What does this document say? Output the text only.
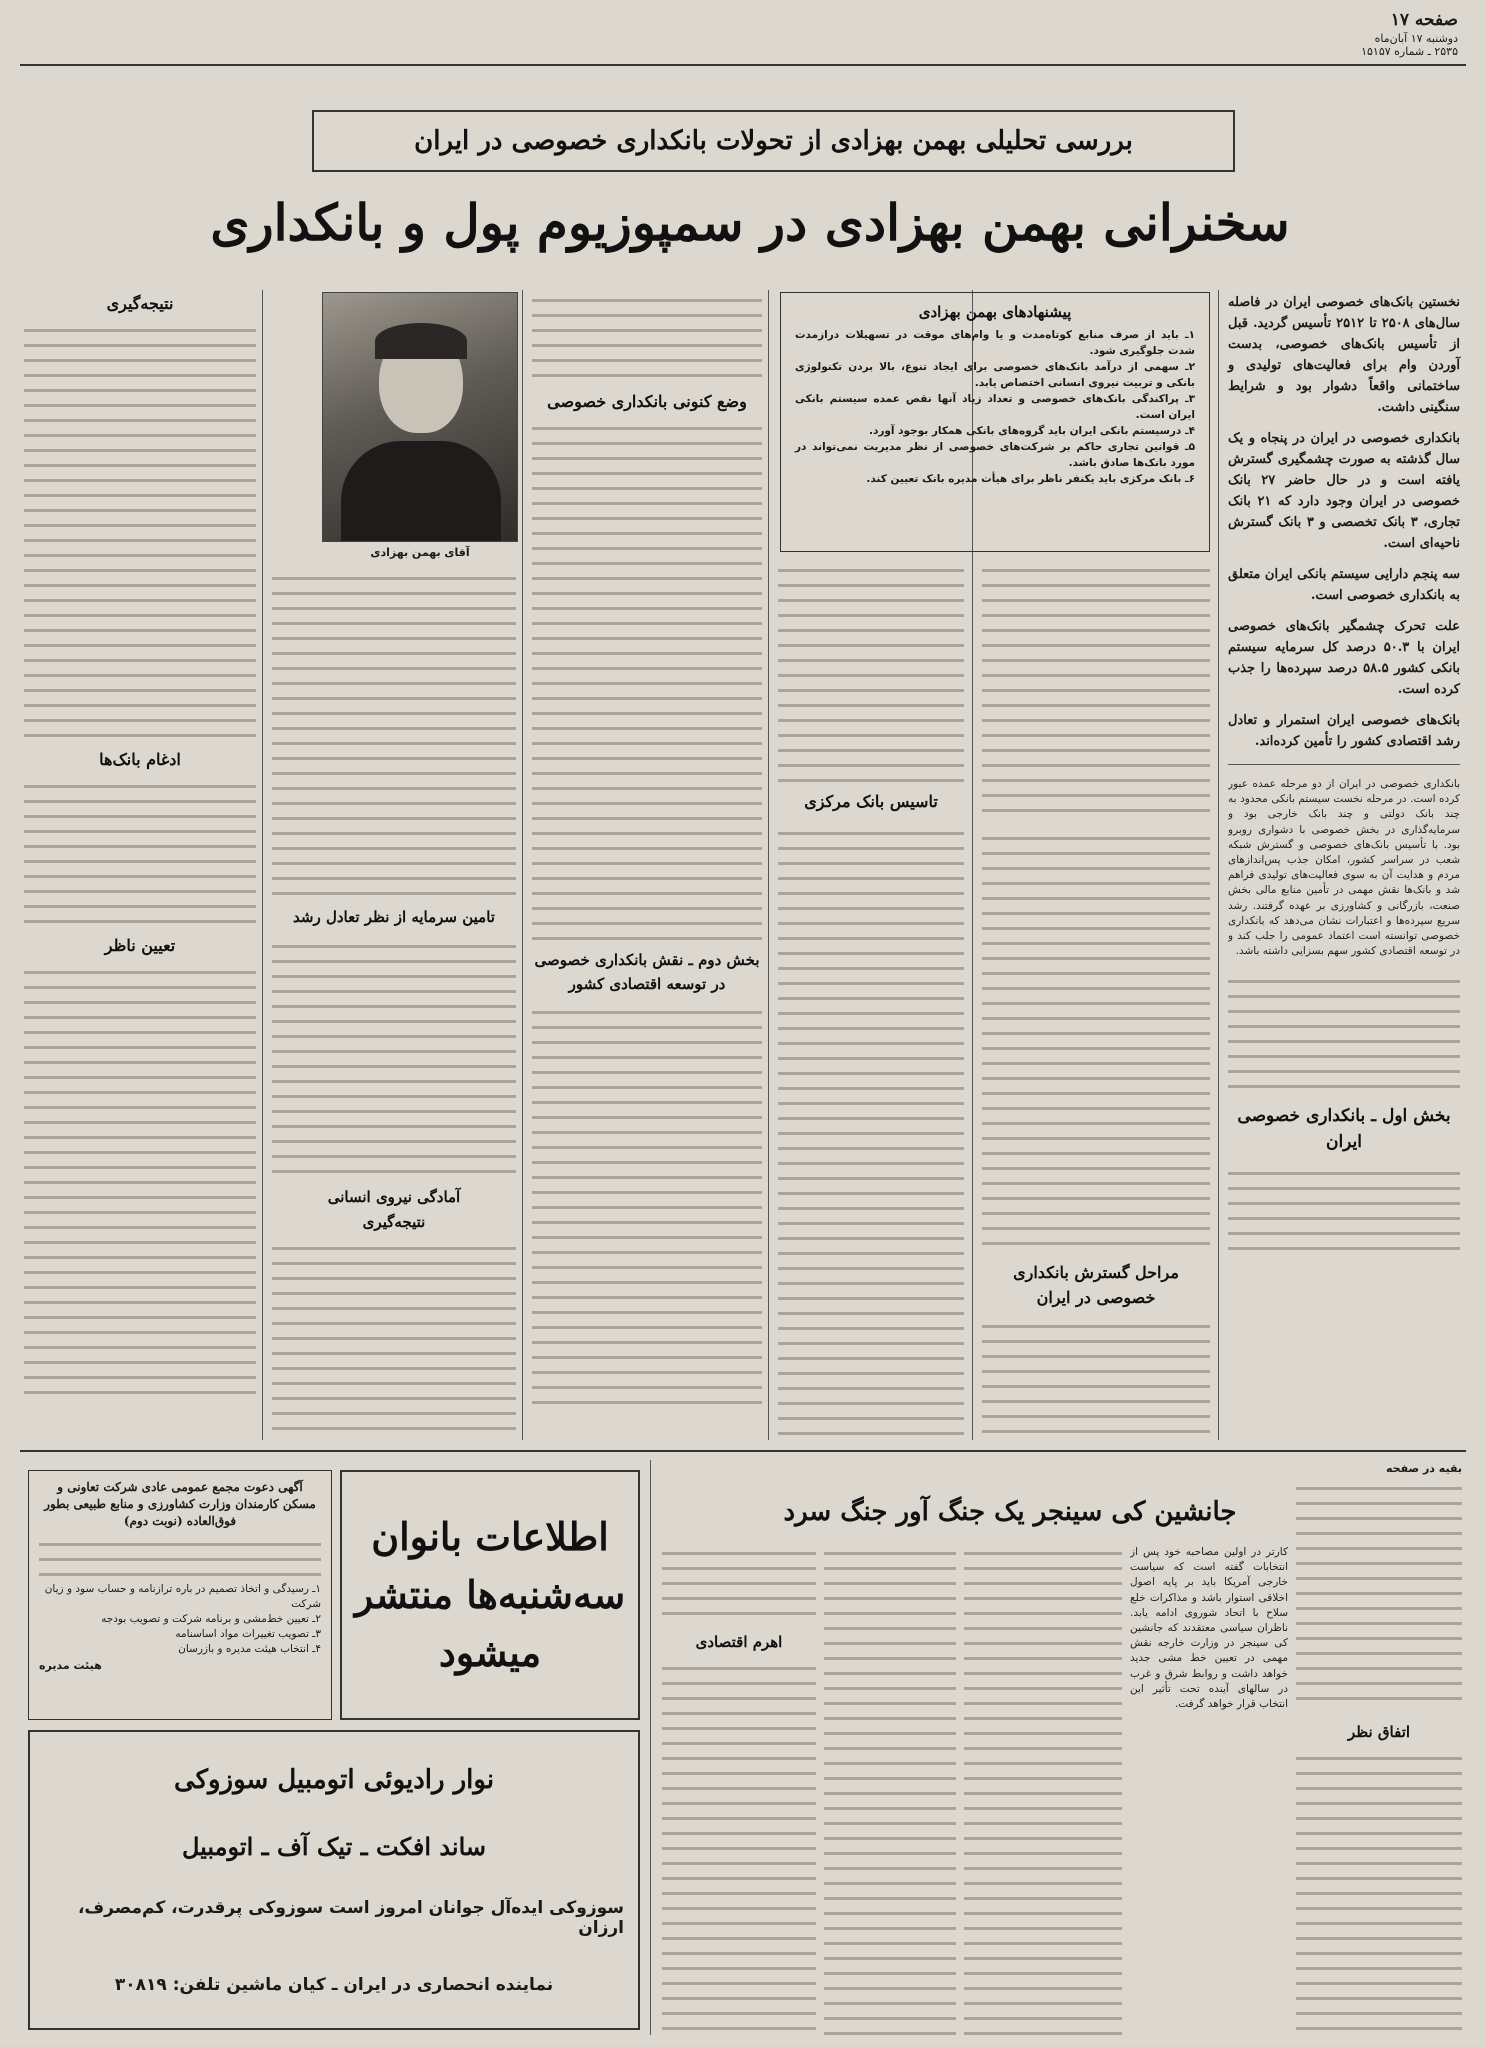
صفحه ۱۷
دوشنبه ۱۷ آبان‌ماه
۲۵۳۵ ـ شماره ۱۵۱۵۷
بررسی تحلیلی بهمن بهزادی از تحولات بانکداری خصوصی در ایران
سخنرانی بهمن بهزادی در سمپوزیوم پول و بانکداری
نخستین بانک‌های خصوصی ایران در فاصله سال‌های ۲۵۰۸ تا ۲۵۱۲ تأسیس گردید. قبل از تأسیس بانک‌های خصوصی، بدست آوردن وام برای فعالیت‌های تولیدی و ساختمانی واقعاً دشوار بود و شرایط سنگینی داشت.
بانکداری خصوصی در ایران در پنجاه و یک سال گذشته به صورت چشمگیری گسترش یافته است و در حال حاضر ۲۷ بانک خصوصی در ایران وجود دارد که ۲۱ بانک تجاری، ۳ بانک تخصصی و ۳ بانک گسترش ناحیه‌ای است.
سه پنجم دارایی سیستم بانکی ایران متعلق به بانکداری خصوصی است.
علت تحرک چشمگیر بانک‌های خصوصی ایران با ۵۰.۳ درصد کل سرمایه سیستم بانکی کشور ۵۸.۵ درصد سپرده‌ها را جذب کرده است.
بانک‌های خصوصی ایران استمرار و تعادل رشد اقتصادی کشور را تأمین کرده‌اند.
بانکداری خصوصی در ایران از دو مرحله عمده عبور کرده است. در مرحله نخست سیستم بانکی محدود به چند بانک دولتی و چند بانک خارجی بود و سرمایه‌گذاری در بخش خصوصی با دشواری روبرو بود. با تأسیس بانک‌های خصوصی و گسترش شبکه شعب در سراسر کشور، امکان جذب پس‌اندازهای مردم و هدایت آن به سوی فعالیت‌های تولیدی فراهم شد و بانک‌ها نقش مهمی در تأمین منابع مالی بخش صنعت، بازرگانی و کشاورزی بر عهده گرفتند. رشد سریع سپرده‌ها و اعتبارات نشان می‌دهد که بانکداری خصوصی توانسته است اعتماد عمومی را جلب کند و در توسعه اقتصادی کشور سهم بسزایی داشته باشد.
بخش اول ـ بانکداری خصوصی ایران
پیشنهادهای بهمن بهزادی
۱ـ باید از صرف منابع کوتاه‌مدت و یا وام‌های موقت در تسهیلات درازمدت شدت جلوگیری شود.
۲ـ سهمی از درآمد بانک‌های خصوصی برای ایجاد تنوع، بالا بردن تکنولوژی بانکی و تربیت نیروی انسانی اختصاص یابد.
۳ـ پراکندگی بانک‌های خصوصی و تعداد زیاد آنها نقص عمده سیستم بانکی ایران است.
۴ـ درسیستم بانکی ایران باید گروه‌های بانکی همکار بوجود آورد.
۵ـ قوانین تجاری حاکم بر شرکت‌های خصوصی از نظر مدیریت نمی‌تواند در مورد بانک‌ها صادق باشد.
۶ـ بانک مرکزی باید یکنفر ناظر برای هیأت مدیره بانک تعیین کند.
مراحل گسترش بانکداری خصوصی در ایران
تاسیس بانک مرکزی
وضع کنونی بانکداری خصوصی
بخش دوم ـ نقش بانکداری خصوصی در توسعه اقتصادی کشور
آقای بهمن بهزادی
تامین سرمایه از نظر تعادل رشد
آمادگی نیروی انسانی
نتیجه‌گیری
نتیجه‌گیری
ادغام بانک‌ها
تعیین ناظر
بقیه در صفحه
جانشین کی سینجر یک جنگ آور جنگ سرد
اتفاق نظر
کارتر در اولین مصاحبه خود پس از انتخابات گفته است که سیاست خارجی آمریکا باید بر پایه اصول اخلاقی استوار باشد و مذاکرات خلع سلاح با اتحاد شوروی ادامه یابد. ناظران سیاسی معتقدند که جانشین کی سینجر در وزارت خارجه نقش مهمی در تعیین خط مشی جدید خواهد داشت و روابط شرق و غرب در سالهای آینده تحت تأثیر این انتخاب قرار خواهد گرفت.
اهرم اقتصادی
اطلاعات بانوان
سه‌شنبه‌ها منتشر
میشود
آگهی دعوت مجمع عمومی عادی شرکت تعاونی و مسکن کارمندان وزارت کشاورزی و منابع طبیعی بطور فوق‌العاده (نوبت دوم)
۱ـ رسیدگی و اتخاذ تصمیم در باره ترازنامه و حساب سود و زیان شرکت
۲ـ تعیین خط‌مشی و برنامه شرکت و تصویب بودجه
۳ـ تصویب تغییرات مواد اساسنامه
۴ـ انتخاب هیئت مدیره و بازرسان
هیئت مدیره
نوار رادیوئی اتومبیل سوزوکی
ساند افکت ـ تیک آف ـ اتومبیل
سوزوکی ایده‌آل جوانان امروز است سوزوکی پرقدرت، کم‌مصرف، ارزان
نماینده انحصاری در ایران ـ کیان ماشین تلفن: ۳۰۸۱۹
